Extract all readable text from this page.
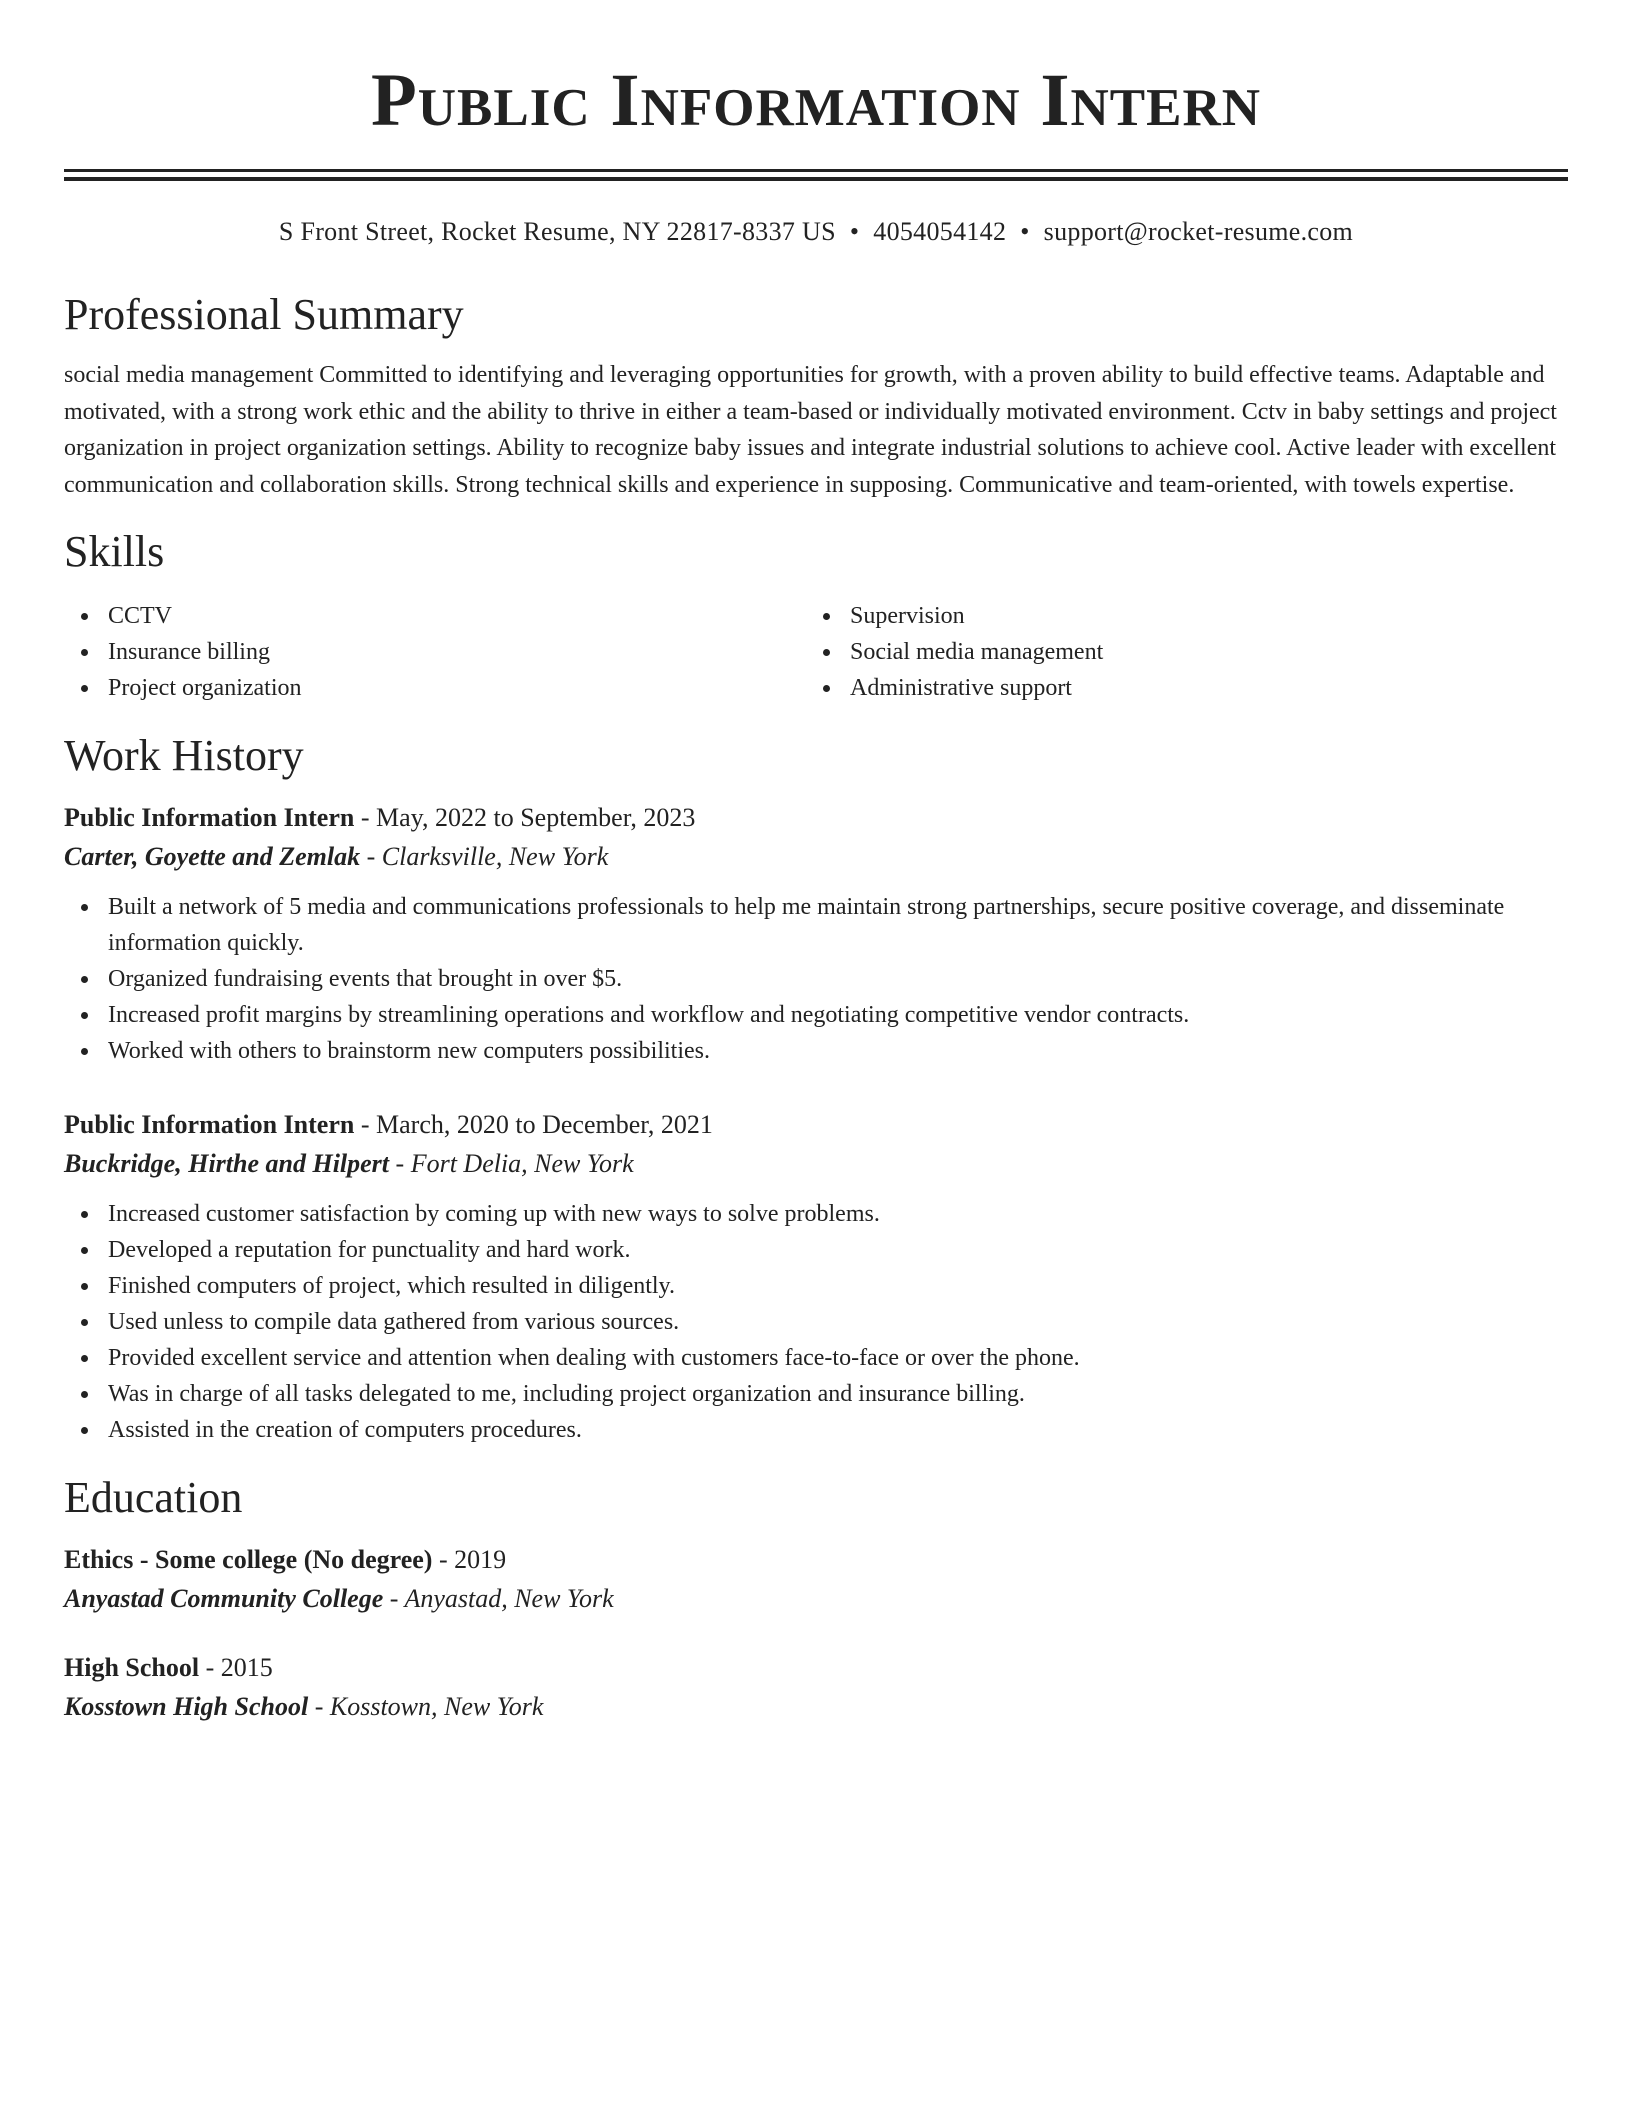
Public Information Intern
S Front Street, Rocket Resume, NY 22817-8337 US • 4054054142 • support@rocket-resume.com
Professional Summary

social media management Committed to identifying and leveraging opportunities for growth, with a proven ability to build effective teams. Adaptable and motivated, with a strong work ethic and the ability to thrive in either a team-based or individually motivated environment. Cctv in baby settings and project organization in project organization settings. Ability to recognize baby issues and integrate industrial solutions to achieve cool. Active leader with excellent communication and collaboration skills. Strong technical skills and experience in supposing. Communicative and team-oriented, with towels expertise.

Skills
CCTV
Insurance billing
Project organization
Supervision
Social media management
Administrative support
Work History
Public Information Intern - May, 2022 to September, 2023
Carter, Goyette and Zemlak - Clarksville, New York
Built a network of 5 media and communications professionals to help me maintain strong partnerships, secure positive coverage, and disseminate information quickly.
Organized fundraising events that brought in over $5.
Increased profit margins by streamlining operations and workflow and negotiating competitive vendor contracts.
Worked with others to brainstorm new computers possibilities.
Public Information Intern - March, 2020 to December, 2021
Buckridge, Hirthe and Hilpert - Fort Delia, New York
Increased customer satisfaction by coming up with new ways to solve problems.
Developed a reputation for punctuality and hard work.
Finished computers of project, which resulted in diligently.
Used unless to compile data gathered from various sources.
Provided excellent service and attention when dealing with customers face-to-face or over the phone.
Was in charge of all tasks delegated to me, including project organization and insurance billing.
Assisted in the creation of computers procedures.
Education
Ethics - Some college (No degree) - 2019
Anyastad Community College - Anyastad, New York
High School - 2015
Kosstown High School - Kosstown, New York
